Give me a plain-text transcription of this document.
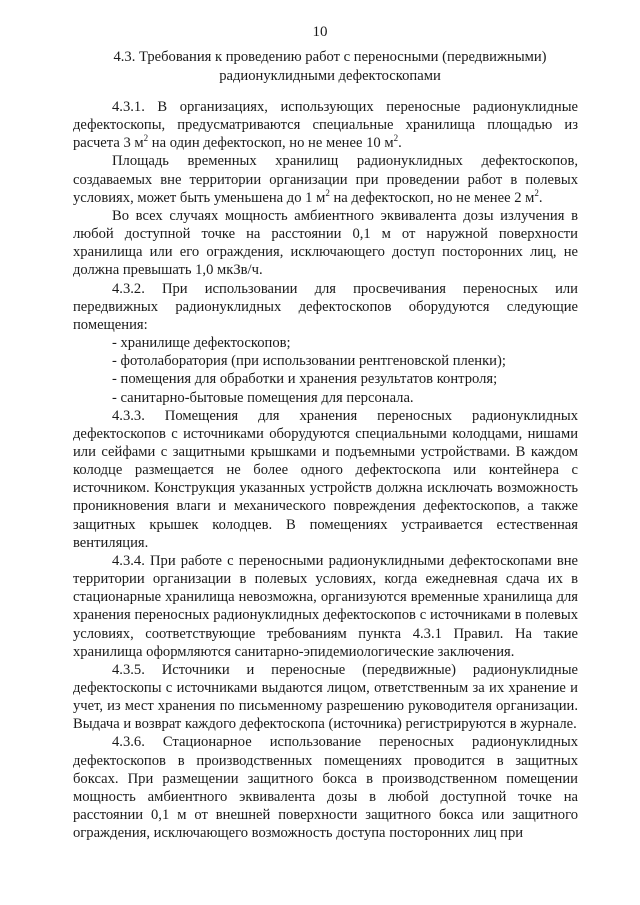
10
4.3. Требования к проведению работ с переносными (передвижными) радионуклидными дефектоскопами

4.3.1. В организациях, использующих переносные радионуклидные дефектоскопы, предусматриваются специальные хранилища площадью из расчета 3 $м^2$ на один дефектоскоп, но не менее 10 $м^2$.

Площадь временных хранилищ радионуклидных дефектоскопов, создаваемых вне территории организации при проведении работ в полевых условиях, может быть уменьшена до 1 $м^2$ на дефектоскоп, но не менее 2 $м^2$.

Во всех случаях мощность амбиентного эквивалента дозы излучения в любой доступной точке на расстоянии 0,1 м от наружной поверхности хранилища или его ограждения, исключающего доступ посторонних лиц, не должна превышать 1,0 мкЗв/ч.

4.3.2. При использовании для просвечивания переносных или передвижных радионуклидных дефектоскопов оборудуются следующие помещения:

- хранилище дефектоскопов;

- фотолаборатория (при использовании рентгеновской пленки);

- помещения для обработки и хранения результатов контроля;

- санитарно-бытовые помещения для персонала.

4.3.3. Помещения для хранения переносных радионуклидных дефектоскопов с источниками оборудуются специальными колодцами, нишами или сейфами с защитными крышками и подъемными устройствами. В каждом колодце размещается не более одного дефектоскопа или контейнера с источником. Конструкция указанных устройств должна исключать возможность проникновения влаги и механического повреждения дефектоскопов, а также защитных крышек колодцев. В помещениях устраивается естественная вентиляция.

4.3.4. При работе с переносными радионуклидными дефектоскопами вне территории организации в полевых условиях, когда ежедневная сдача их в стационарные хранилища невозможна, организуются временные хранилища для хранения переносных радионуклидных дефектоскопов с источниками в полевых условиях, соответствующие требованиям пункта 4.3.1 Правил. На такие хранилища оформляются санитарно-эпидемиологические заключения.

4.3.5. Источники и переносные (передвижные) радионуклидные дефектоскопы с источниками выдаются лицом, ответственным за их хранение и учет, из мест хранения по письменному разрешению руководителя организации. Выдача и возврат каждого дефектоскопа (источника) регистрируются в журнале.

4.3.6. Стационарное использование переносных радионуклидных дефектоскопов в производственных помещениях проводится в защитных боксах. При размещении защитного бокса в производственном помещении мощность амбиентного эквивалента дозы в любой доступной точке на расстоянии 0,1 м от внешней поверхности защитного бокса или защитного ограждения, исключающего возможность доступа посторонних лиц при
